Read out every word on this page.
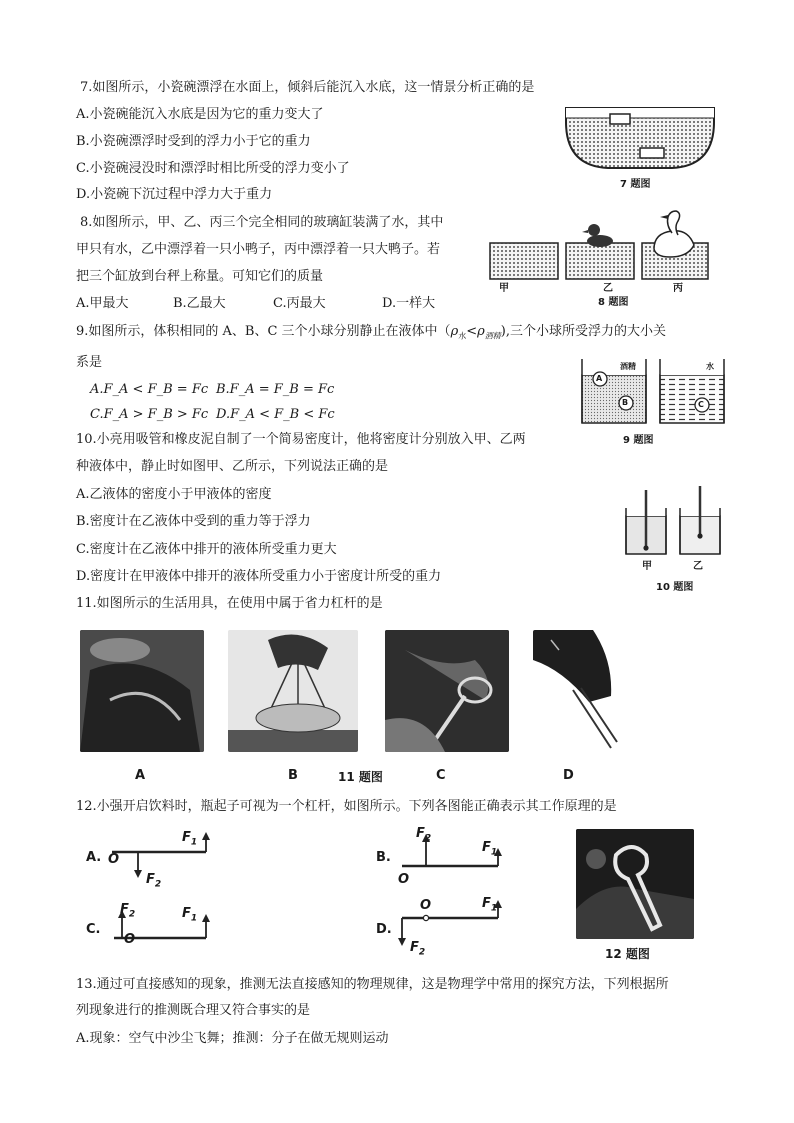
7.如图所示，小瓷碗漂浮在水面上，倾斜后能沉入水底，这一情景分析正确的是
A.小瓷碗能沉入水底是因为它的重力变大了
B.小瓷碗漂浮时受到的浮力小于它的重力
C.小瓷碗浸没时和漂浮时相比所受的浮力变小了
D.小瓷碗下沉过程中浮力大于重力
7 题图
8.如图所示，甲、乙、丙三个完全相同的玻璃缸装满了水，其中
甲只有水，乙中漂浮着一只小鸭子，丙中漂浮着一只大鸭子。若
把三个缸放到台秤上称量。可知它们的质量
A.甲最大	B.乙最大	C.丙最大	D.一样大
甲	乙	丙
8 题图
9.如图所示，体积相同的 A、B、C 三个小球分别静止在液体中$(\rho_水<\rho_{酒精})$,三个小球所受浮力的大小关
系是
A.F_A < F_B = Fc B.F_A = F_B = Fc
C.F_A > F_B > Fc D.F_A < F_B < Fc
A
B	C
酒精	水
9 题图
10.小亮用吸管和橡皮泥自制了一个简易密度计，他将密度计分别放入甲、乙两
种液体中，静止时如图甲、乙所示，下列说法正确的是
A.乙液体的密度小于甲液体的密度
B.密度计在乙液体中受到的重力等于浮力
C.密度计在乙液体中排开的液体所受重力更大
D.密度计在甲液体中排开的液体所受重力小于密度计所受的重力
甲	乙
10 题图
11.如图所示的生活用具，在使用中属于省力杠杆的是
A	B	11 题图	C	D
12.小强开启饮料时，瓶起子可视为一个杠杆，如图所示。下列各图能正确表示其工作原理的是
A. O
$F_1$
$F_2$
B.
O
$F_2$
$F_1$
C.
O
$F_2$	$F_1$
D.
O	$F_1$
$F_2$	12 题图
13.通过可直接感知的现象，推测无法直接感知的物理规律，这是物理学中常用的探究方法，下列根据所
列现象进行的推测既合理又符合事实的是
A.现象：空气中沙尘飞舞；推测：分子在做无规则运动
